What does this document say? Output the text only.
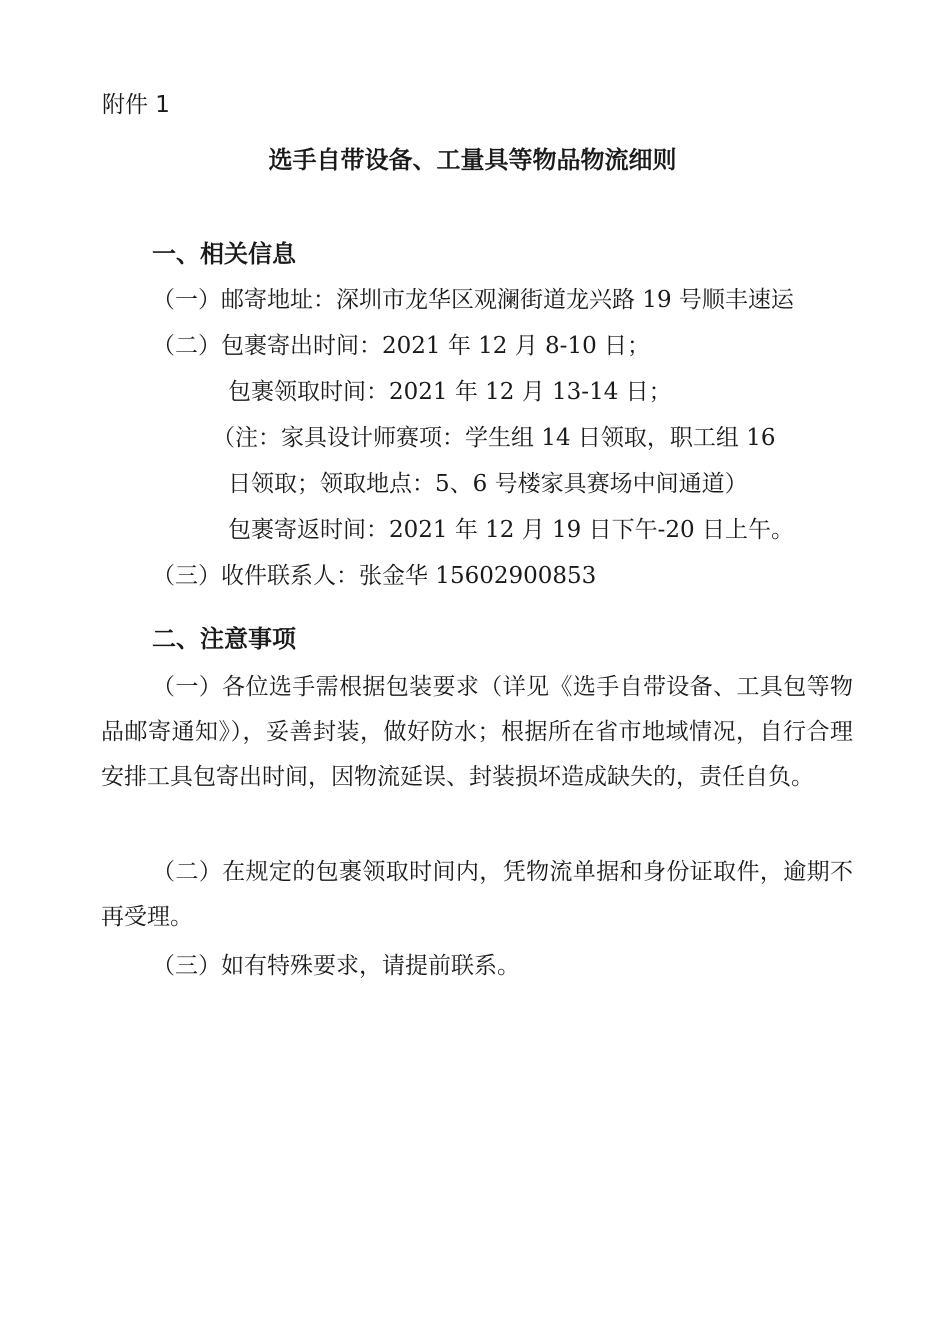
附件 1
选手自带设备、工量具等物品物流细则
一、相关信息
（一）邮寄地址：深圳市龙华区观澜街道龙兴路 19 号顺丰速运
（二）包裹寄出时间：2021 年 12 月 8-10 日；
包裹领取时间：2021 年 12 月 13-14 日；
（注：家具设计师赛项：学生组 14 日领取，职工组 16
日领取；领取地点：5、6 号楼家具赛场中间通道）
包裹寄返时间：2021 年 12 月 19 日下午-20 日上午。
（三）收件联系人：张金华 15602900853
二、注意事项
（一）各位选手需根据包装要求（详见《选手自带设备、工具包等物品邮寄通知》），妥善封装，做好防水；根据所在省市地域情况，自行合理安排工具包寄出时间，因物流延误、封装损坏造成缺失的，责任自负。
（二）在规定的包裹领取时间内，凭物流单据和身份证取件，逾期不再受理。
（三）如有特殊要求，请提前联系。
